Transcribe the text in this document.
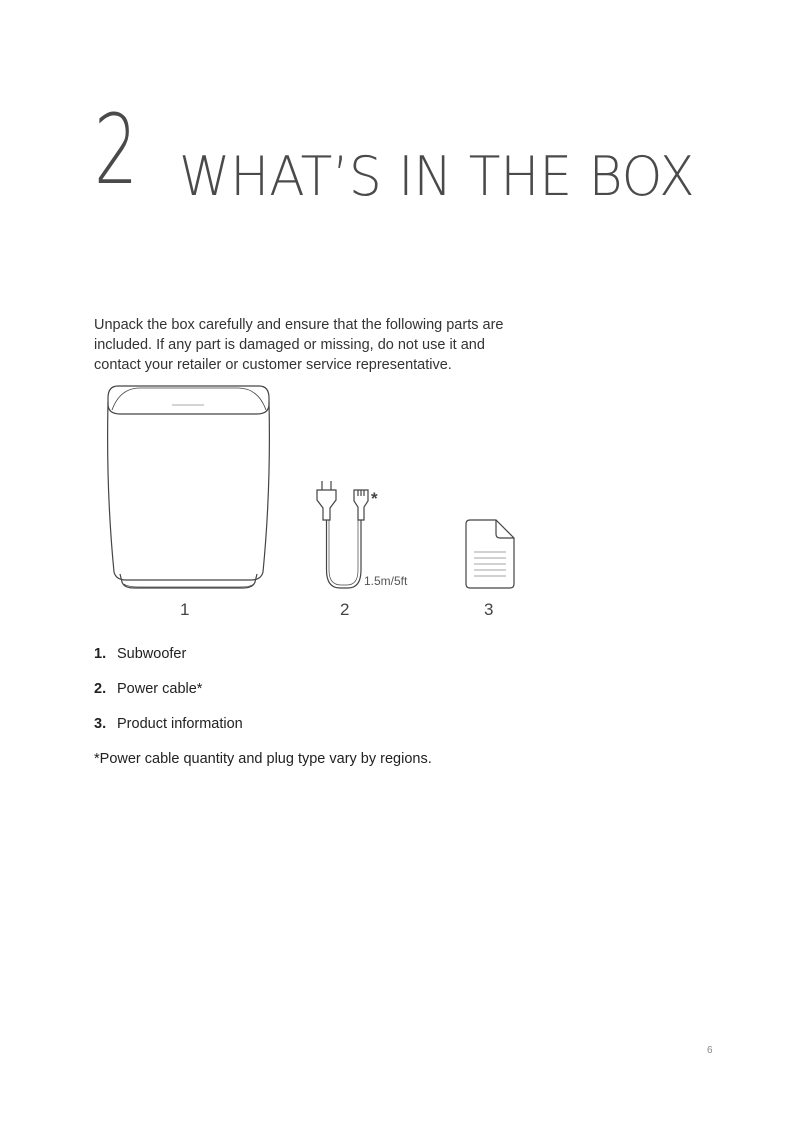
2 WHAT’S IN THE BOX

Unpack the box carefully and ensure that the following parts are included. If any part is damaged or missing, do not use it and contact your retailer or customer service representative.

*
1.5m/5ft
1	2	3
1. Subwoofer
2. Power cable*
3. Product information

*Power cable quantity and plug type vary by regions.

6
